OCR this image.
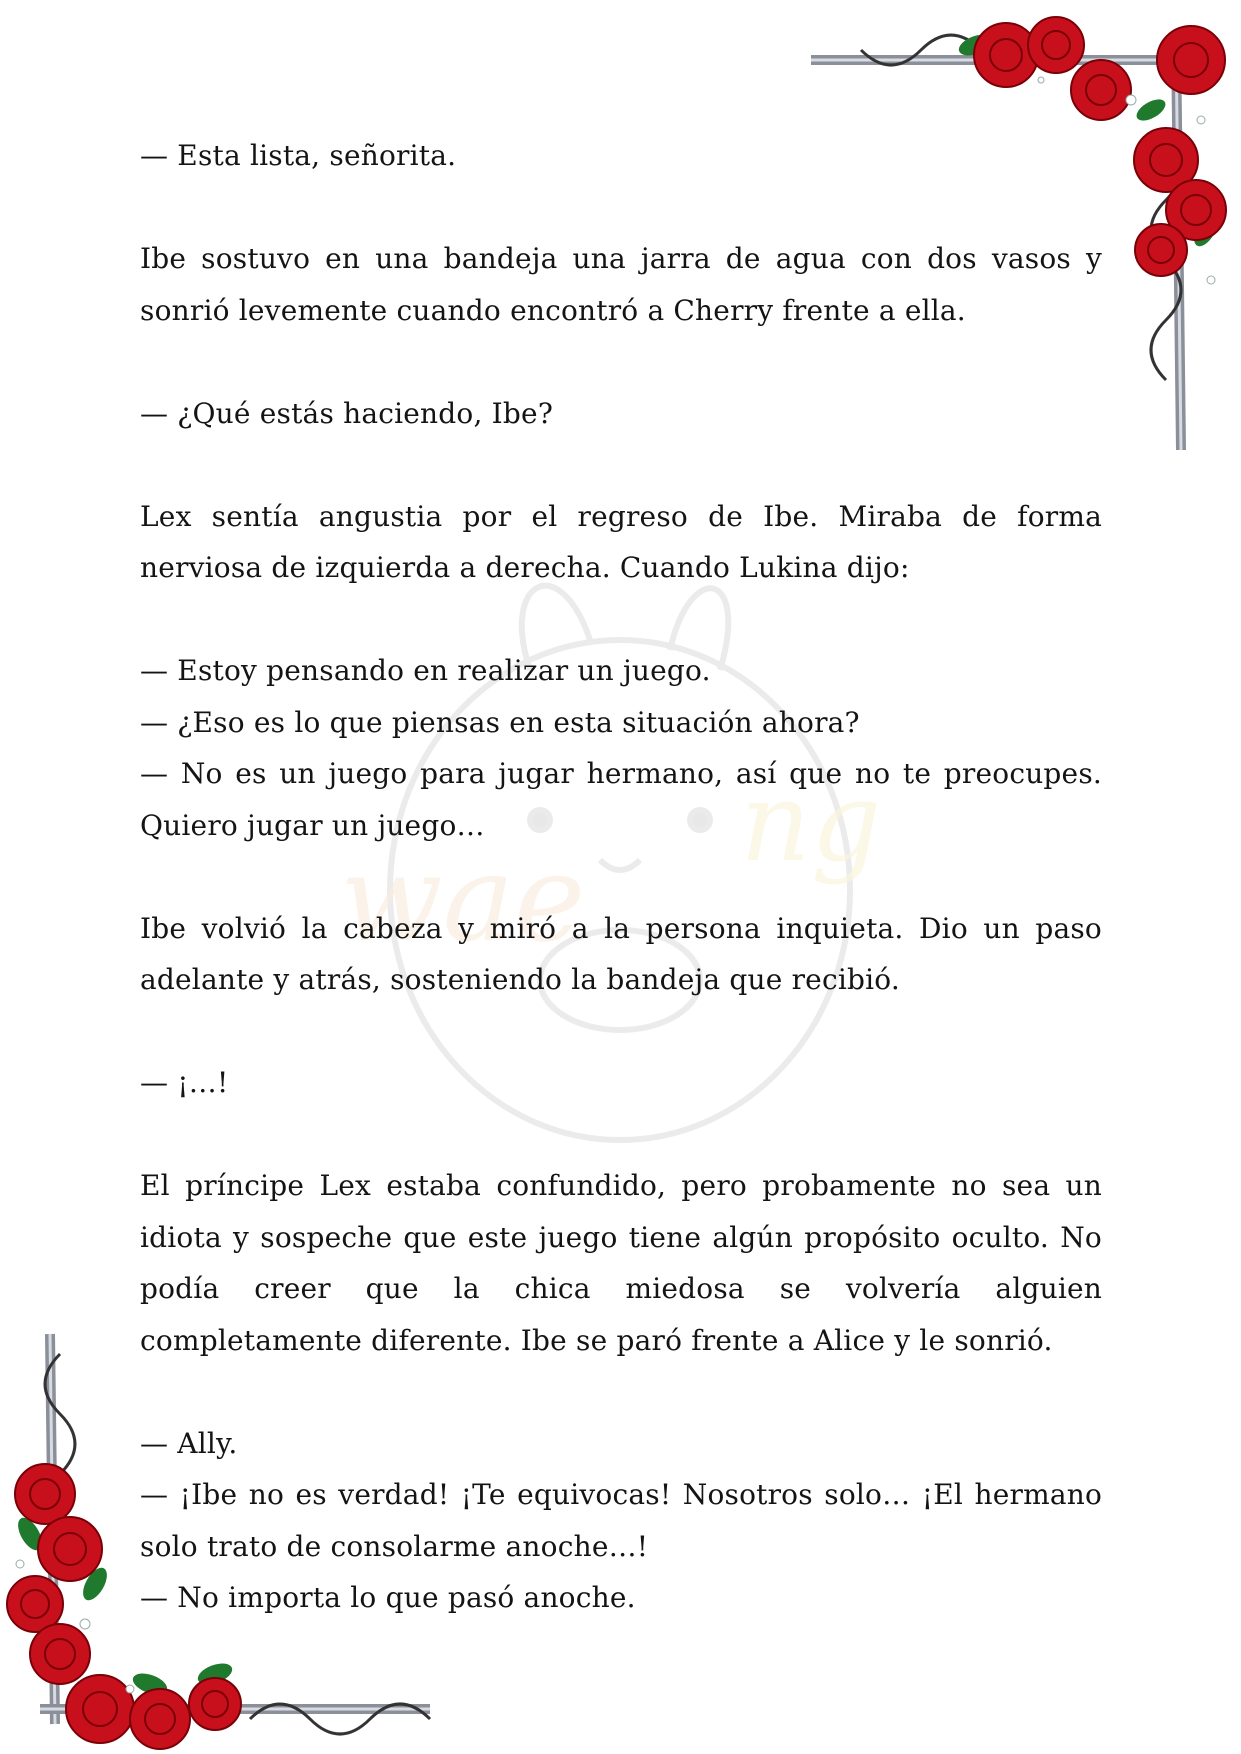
wae
ng

— Esta lista, señorita.

Ibe sostuvo en una bandeja una jarra de agua con dos vasos y sonrió levemente cuando encontró a Cherry frente a ella.

— ¿Qué estás haciendo, Ibe?

Lex sentía angustia por el regreso de Ibe. Miraba de forma nerviosa de izquierda a derecha. Cuando Lukina dijo:

— Estoy pensando en realizar un juego.

— ¿Eso es lo que piensas en esta situación ahora?

— No es un juego para jugar hermano, así que no te preocupes. Quiero jugar un juego…

Ibe volvió la cabeza y miró a la persona inquieta. Dio un paso adelante y atrás, sosteniendo la bandeja que recibió.

— ¡…!

El príncipe Lex estaba confundido, pero probamente no sea un idiota y sospeche que este juego tiene algún propósito oculto. No podía creer que la chica miedosa se volvería alguien completamente diferente. Ibe se paró frente a Alice y le sonrió.

— Ally.

— ¡Ibe no es verdad! ¡Te equivocas! Nosotros solo… ¡El hermano solo trato de consolarme anoche…!

— No importa lo que pasó anoche.
